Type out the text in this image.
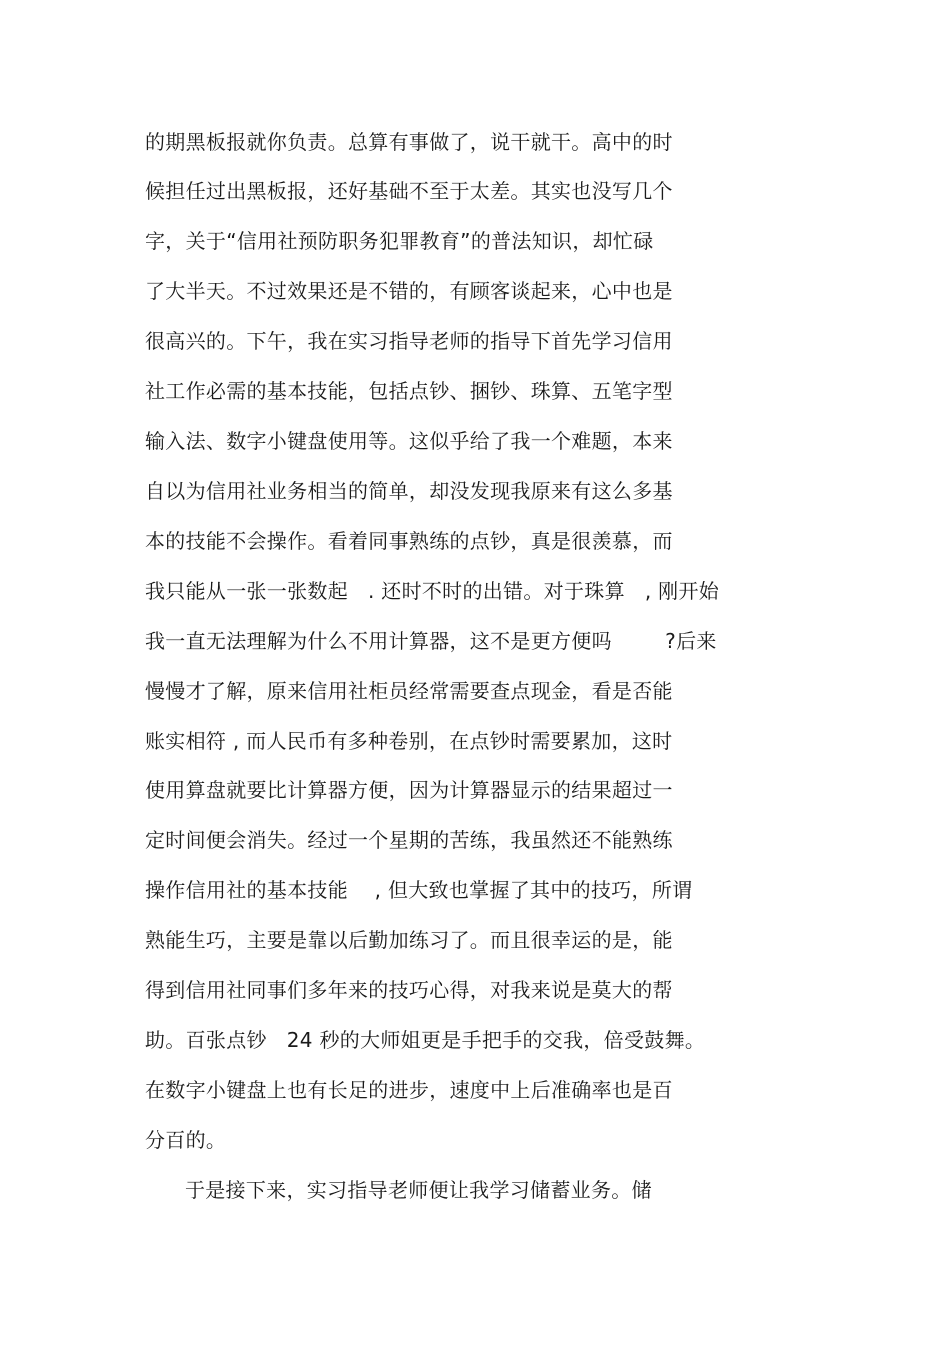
的期黑板报就你负责。总算有事做了，说干就干。高中的时
候担任过出黑板报，还好基础不至于太差。其实也没写几个
字，关于“信用社预防职务犯罪教育”的普法知识，却忙碌
了大半天。不过效果还是不错的，有顾客谈起来，心中也是
很高兴的。下午，我在实习指导老师的指导下首先学习信用
社工作必需的基本技能，包括点钞、捆钞、珠算、五笔字型
输入法、数字小键盘使用等。这似乎给了我一个难题，本来
自以为信用社业务相当的简单，却没发现我原来有这么多基
本的技能不会操作。看着同事熟练的点钞，真是很羡慕，而
我只能从一张一张数起   . 还时不时的出错。对于珠算   , 刚开始
我一直无法理解为什么不用计算器，这不是更方便吗        ?后来
慢慢才了解，原来信用社柜员经常需要查点现金，看是否能
账实相符 , 而人民币有多种卷别，在点钞时需要累加，这时
使用算盘就要比计算器方便，因为计算器显示的结果超过一
定时间便会消失。经过一个星期的苦练，我虽然还不能熟练
操作信用社的基本技能    , 但大致也掌握了其中的技巧，所谓
熟能生巧，主要是靠以后勤加练习了。而且很幸运的是，能
得到信用社同事们多年来的技巧心得，对我来说是莫大的帮
助。百张点钞   24 秒的大师姐更是手把手的交我，倍受鼓舞。
在数字小键盘上也有长足的进步，速度中上后准确率也是百
分百的。
于是接下来，实习指导老师便让我学习储蓄业务。储
